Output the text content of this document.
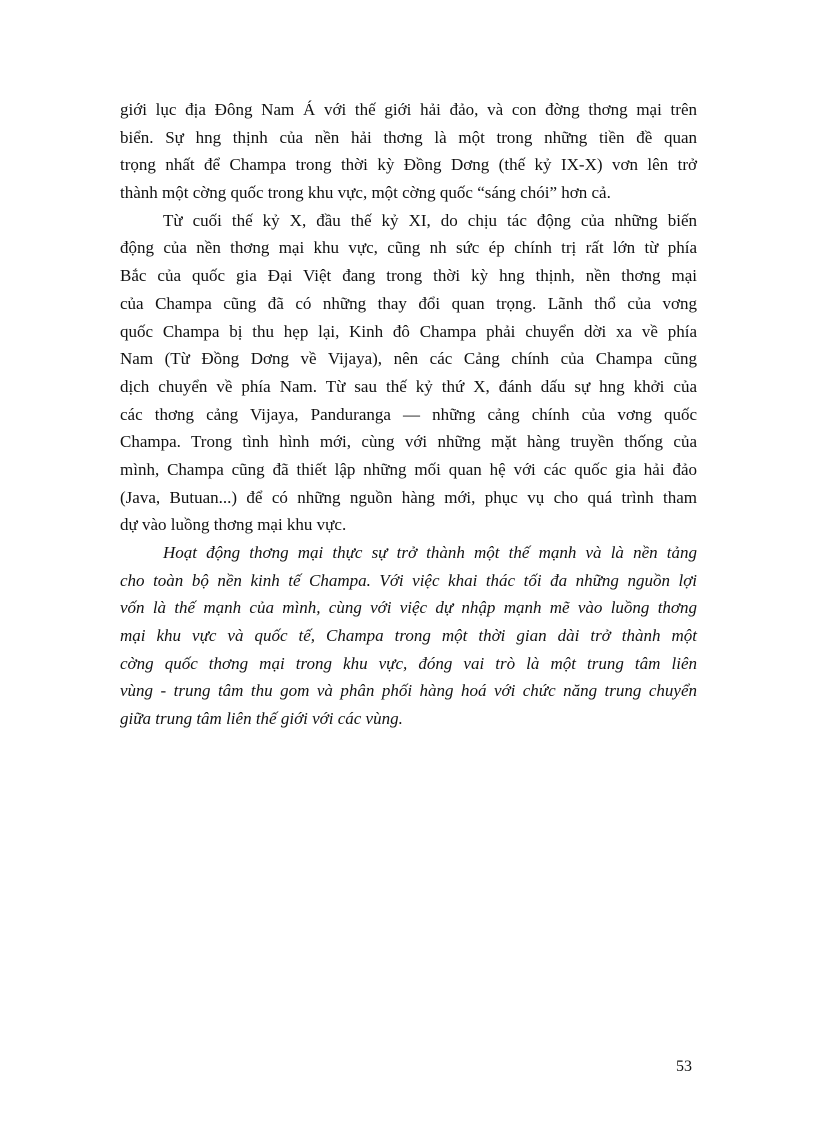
giới lục địa Đông Nam Á với thế giới hải đảo, và con đờng thơng mại trên
biển. Sự hng thịnh của nền hải thơng là một trong những tiền đề quan
trọng nhất để Champa trong thời kỳ Đồng Dơng (thế kỷ IX-X) vơn lên trở
thành một cờng quốc trong khu vực, một cờng quốc “sáng chói” hơn cả.
Từ cuối thế kỷ X, đầu thế kỷ XI, do chịu tác động của những biến
động của nền thơng mại khu vực, cũng nh sức ép chính trị rất lớn từ phía
Bắc của quốc gia Đại Việt đang trong thời kỳ hng thịnh, nền thơng mại
của Champa cũng đã có những thay đổi quan trọng. Lãnh thổ của vơng
quốc Champa bị thu hẹp lại, Kinh đô Champa phải chuyển dời xa về phía
Nam (Từ Đồng Dơng về Vijaya), nên các Cảng chính của Champa cũng
dịch chuyển về phía Nam. Từ sau thế kỷ thứ X, đánh dấu sự hng khởi của
các thơng cảng Vijaya, Panduranga — những cảng chính của vơng quốc
Champa. Trong tình hình mới, cùng với những mặt hàng truyền thống của
mình, Champa cũng đã thiết lập những mối quan hệ với các quốc gia hải đảo
(Java, Butuan...) để có những nguồn hàng mới, phục vụ cho quá trình tham
dự vào luồng thơng mại khu vực.
Hoạt động thơng mại thực sự trở thành một thế mạnh và là nền tảng
cho toàn bộ nền kinh tế Champa. Với việc khai thác tối đa những nguồn lợi
vốn là thế mạnh của mình, cùng với việc dự nhập mạnh mẽ vào luồng thơng
mại khu vực và quốc tế, Champa trong một thời gian dài trở thành một
cờng quốc thơng mại trong khu vực, đóng vai trò là một trung tâm liên
vùng - trung tâm thu gom và phân phối hàng hoá với chức năng trung chuyển
giữa trung tâm liên thế giới với các vùng.
53
